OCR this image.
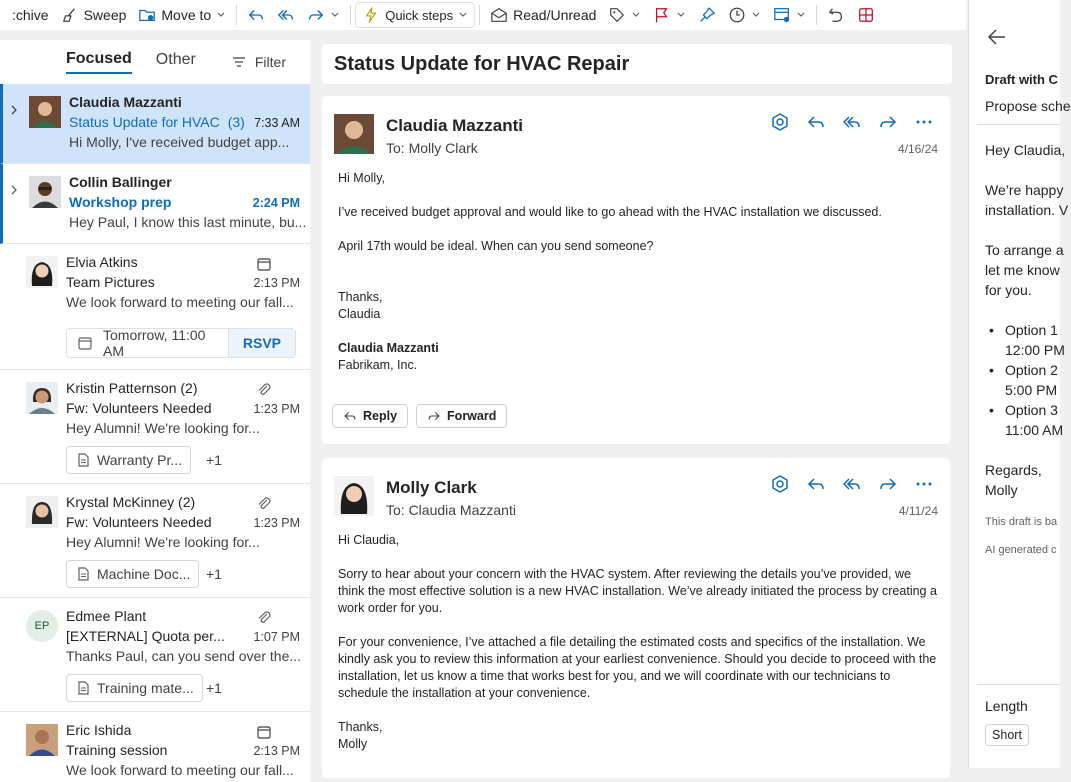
:chive	Sweep	Move to	Quick steps	Read/Unread
Focused Other	Filter
Claudia Mazzanti
Status Update for HVAC (3) 7:33 AM
Hi Molly, I've received budget app...
Collin Ballinger
Workshop prep	2:24 PM
Hey Paul, I know this last minute, bu...
Elvia Atkins
Team Pictures	2:13 PM
We look forward to meeting our fall...
Tomorrow, 11:00 AM	RSVP
Kristin Patternson (2)
Fw: Volunteers Needed	1:23 PM
Hey Alumni! We're looking for...
Warranty Pr... +1
Krystal McKinney (2)
Fw: Volunteers Needed	1:23 PM
Hey Alumni! We're looking for...
Machine Doc... +1
EP
Edmee Plant
[EXTERNAL] Quota per... 1:07 PM
Thanks Paul, can you send over the...
Training mate... +1
Eric Ishida
Training session	2:13 PM
We look forward to meeting our fall...
Status Update for HVAC Repair
Claudia Mazzanti
To: Molly Clark	4/16/24

Hi Molly,

I’ve received budget approval and would like to go ahead with the HVAC installation we discussed.

April 17th would be ideal. When can you send someone?

Thanks,

Claudia

Claudia Mazzanti
Fabrikam, Inc.
Reply	Forward
Molly Clark
To: Claudia Mazzanti	4/11/24

Hi Claudia,

Sorry to hear about your concern with the HVAC system. After reviewing the details you’ve provided, we think the most effective solution is a new HVAC installation. We’ve already initiated the process by creating a work order for you.

For your convenience, I’ve attached a file detailing the estimated costs and specifics of the installation. We kindly ask you to review this information at your earliest convenience. Should you decide to proceed with the installation, let us know a time that works best for you, and we will coordinate with our technicians to schedule the installation at your convenience.

Thanks,
Molly
Draft with C
Propose sche
Hey Claudia,
We’re happy
installation. V
To arrange a
let me know
for you.
• Option 1
12:00 PM
• Option 2
5:00 PM
• Option 3
11:00 AM
Regards,
Molly
This draft is ba
AI generated c
Length
Short
